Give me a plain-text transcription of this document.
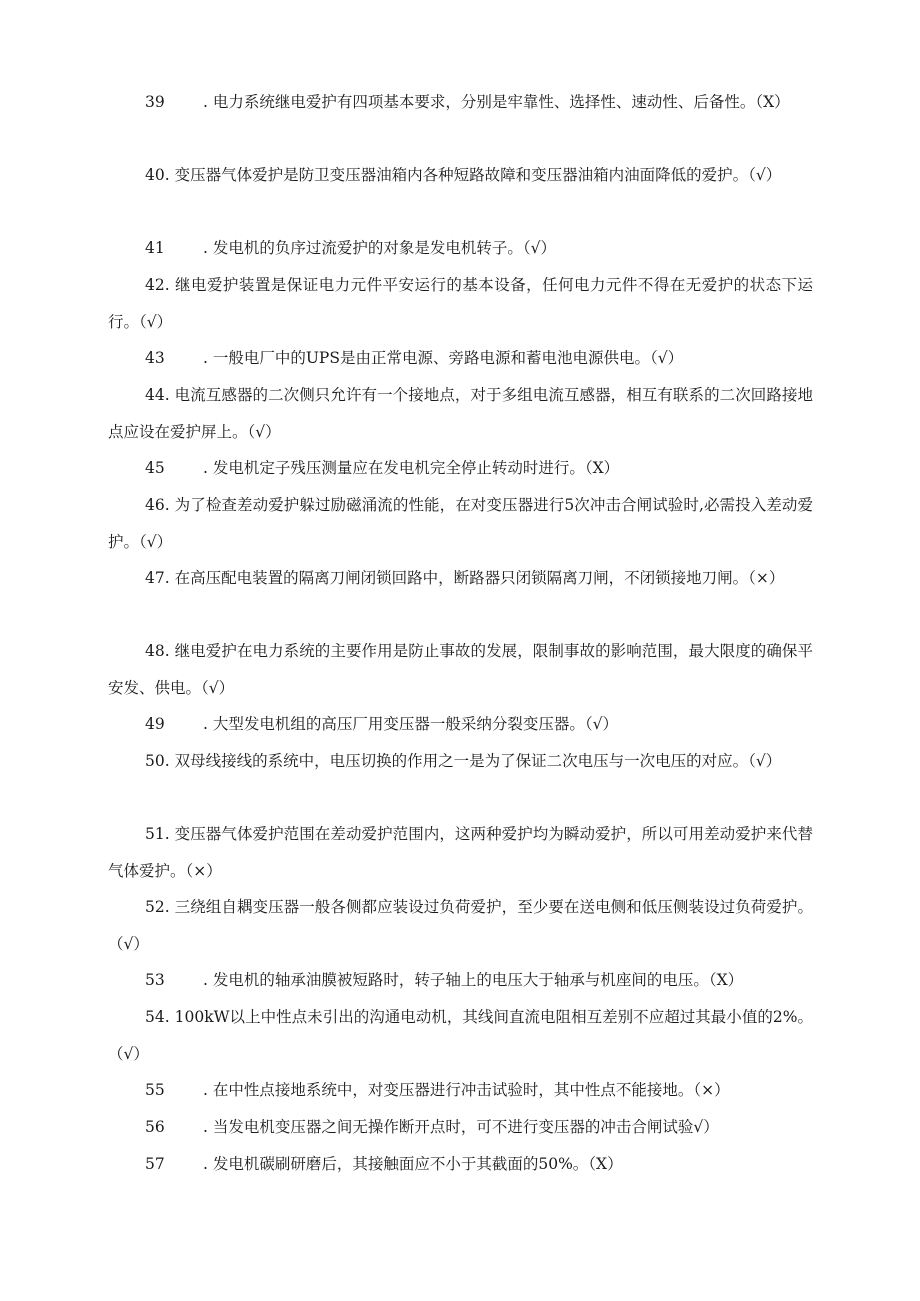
39 . 电力系统继电爱护有四项基本要求，分别是牢靠性、选择性、速动性、后备性。（X）

40. 变压器气体爱护是防卫变压器油箱内各种短路故障和变压器油箱内油面降低的爱护。（√）

41 . 发电机的负序过流爱护的对象是发电机转子。（√）

42. 继电爱护装置是保证电力元件平安运行的基本设备，任何电力元件不得在无爱护的状态下运行。（√）

43 . 一般电厂中的UPS是由正常电源、旁路电源和蓄电池电源供电。（√）

44. 电流互感器的二次侧只允许有一个接地点，对于多组电流互感器，相互有联系的二次回路接地点应设在爱护屏上。（√）

45 . 发电机定子残压测量应在发电机完全停止转动时进行。（X）

46. 为了检查差动爱护躲过励磁涌流的性能，在对变压器进行5次冲击合闸试验时,必需投入差动爱护。（√）

47. 在高压配电装置的隔离刀闸闭锁回路中，断路器只闭锁隔离刀闸，不闭锁接地刀闸。（×）

48. 继电爱护在电力系统的主要作用是防止事故的发展，限制事故的影响范围，最大限度的确保平安发、供电。（√）

49 . 大型发电机组的高压厂用变压器一般采纳分裂变压器。（√）

50. 双母线接线的系统中，电压切换的作用之一是为了保证二次电压与一次电压的对应。（√）

51. 变压器气体爱护范围在差动爱护范围内，这两种爱护均为瞬动爱护，所以可用差动爱护来代替气体爱护。（×）

52. 三绕组自耦变压器一般各侧都应装设过负荷爱护，至少要在送电侧和低压侧装设过负荷爱护。（√）

53 . 发电机的轴承油膜被短路时，转子轴上的电压大于轴承与机座间的电压。（X）

54. 100kW以上中性点未引出的沟通电动机，其线间直流电阻相互差别不应超过其最小值的2%。（√）

55 . 在中性点接地系统中，对变压器进行冲击试验时，其中性点不能接地。（×）

56 . 当发电机变压器之间无操作断开点时，可不进行变压器的冲击合闸试验√）

57 . 发电机碳刷研磨后，其接触面应不小于其截面的50%。（X）
